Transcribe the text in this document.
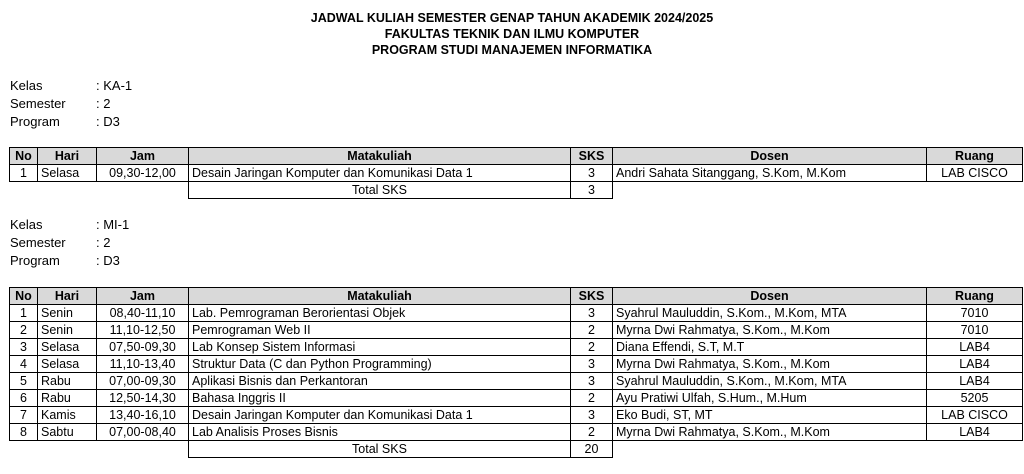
JADWAL KULIAH SEMESTER GENAP TAHUN AKADEMIK 2024/2025
FAKULTAS TEKNIK DAN ILMU KOMPUTER
PROGRAM STUDI MANAJEMEN INFORMATIKA
Kelas	: KA-1
Semester : 2
Program	: D3
No	Hari	Jam	Matakuliah	SKS	Dosen	Ruang
1	Selasa	09,30-12,00	Desain Jaringan Komputer dan Komunikasi Data 1	3	Andri Sahata Sitanggang, S.Kom, M.Kom	LAB CISCO
			Total SKS	3		
Kelas	: MI-1
Semester : 2
Program	: D3
No	Hari	Jam	Matakuliah	SKS	Dosen	Ruang
1	Senin	08,40-11,10	Lab. Pemrograman Berorientasi Objek	3	Syahrul Mauluddin, S.Kom., M.Kom, MTA	7010
2	Senin	11,10-12,50	Pemrograman Web II	2	Myrna Dwi Rahmatya, S.Kom., M.Kom	7010
3	Selasa	07,50-09,30	Lab Konsep Sistem Informasi	2	Diana Effendi, S.T, M.T	LAB4
4	Selasa	11,10-13,40	Struktur Data (C dan Python Programming)	3	Myrna Dwi Rahmatya, S.Kom., M.Kom	LAB4
5	Rabu	07,00-09,30	Aplikasi Bisnis dan Perkantoran	3	Syahrul Mauluddin, S.Kom., M.Kom, MTA	LAB4
6	Rabu	12,50-14,30	Bahasa Inggris II	2	Ayu Pratiwi Ulfah, S.Hum., M.Hum	5205
7	Kamis	13,40-16,10	Desain Jaringan Komputer dan Komunikasi Data 1	3	Eko Budi, ST, MT	LAB CISCO
8	Sabtu	07,00-08,40	Lab Analisis Proses Bisnis	2	Myrna Dwi Rahmatya, S.Kom., M.Kom	LAB4
			Total SKS	20		
